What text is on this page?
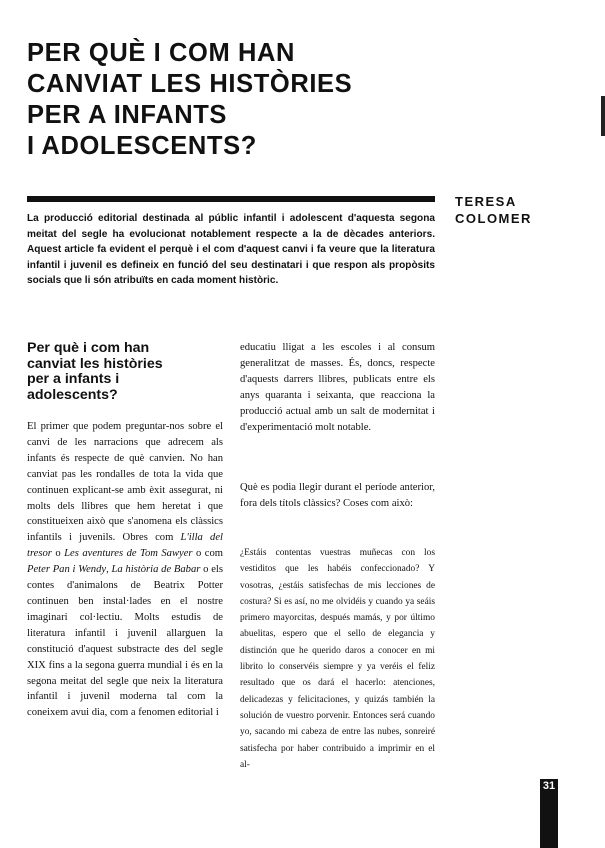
PER QUÈ I COM HAN
CANVIAT LES HISTÒRIES
PER A INFANTS
I ADOLESCENTS?
TERESA
COLOMER

La producció editorial destinada al públic infantil i adolescent d'aquesta segona meitat del segle ha evolucionat notablement respecte a la de dècades anteriors. Aquest article fa evident el perquè i el com d'aquest canvi i fa veure que la literatura infantil i juvenil es defineix en funció del seu destinatari i que respon als propòsits socials que li són atribuïts en cada moment històric.

Per què i com han
canviat les històries
per a infants i
adolescents?

El primer que podem preguntar-nos sobre el canvi de les narracions que adrecem als infants és respecte de què canvien. No han canviat pas les rondalles de tota la vida que continuen explicant-se amb èxit assegurat, ni molts dels llibres que hem heretat i que constitueixen això que s'anomena els clàssics infantils i juvenils. Obres com L'illa del tresor o Les aventures de Tom Sawyer o com Peter Pan i Wendy, La història de Babar o els contes d'animalons de Beatrix Potter continuen ben instal·lades en el nostre imaginari col·lectiu. Molts estudis de literatura infantil i juvenil allarguen la constitució d'aquest substracte des del segle XIX fins a la segona guerra mundial i és en la segona meitat del segle que neix la literatura infantil i juvenil moderna tal com la coneixem avui dia, com a fenomen editorial i

educatiu lligat a les escoles i al consum generalitzat de masses. És, doncs, respecte d'aquests darrers llibres, publicats entre els anys quaranta i seixanta, que reacciona la producció actual amb un salt de modernitat i d'experimentació molt notable.

Què es podia llegir durant el període anterior, fora dels títols clàssics? Coses com això:

¿Estáis contentas vuestras muñecas con los vestiditos que les habéis confeccionado? Y vosotras, ¿estáis satisfechas de mis lecciones de costura? Si es así, no me olvidéis y cuando ya seáis primero mayorcitas, después mamás, y por último abuelitas, espero que el sello de elegancia y distinción que he querido daros a conocer en mi librito lo conservéis siempre y ya veréis el feliz resultado que os dará el hacerlo: atenciones, delicadezas y felicitaciones, y quizás también la solución de vuestro porvenir. Entonces será cuando yo, sacando mi cabeza de entre las nubes, sonreiré satisfecha por haber contribuido a imprimir en el al-

31
